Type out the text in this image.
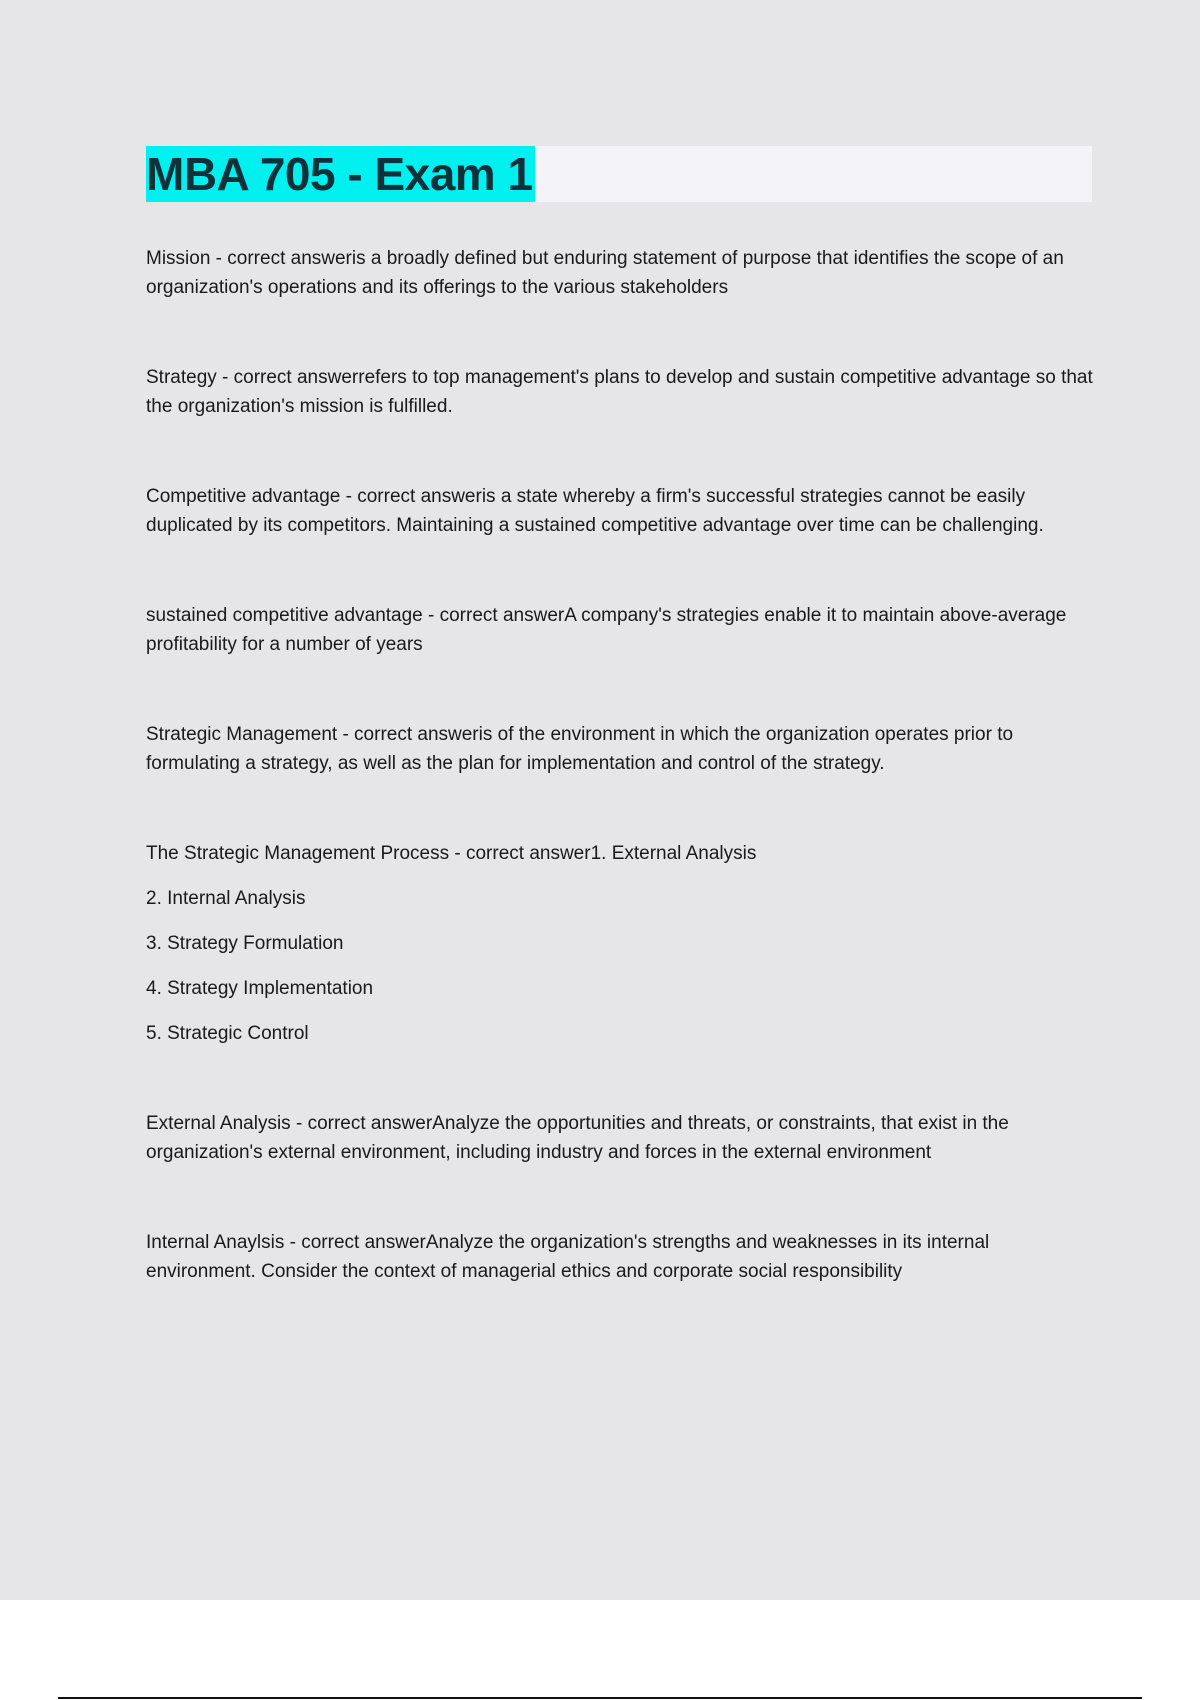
MBA 705 - Exam 1

Mission - correct answeris a broadly defined but enduring statement of purpose that identifies the scope of an organization's operations and its offerings to the various stakeholders

Strategy - correct answerrefers to top management's plans to develop and sustain competitive advantage so that the organization's mission is fulfilled.

Competitive advantage - correct answeris a state whereby a firm's successful strategies cannot be easily duplicated by its competitors. Maintaining a sustained competitive advantage over time can be challenging.

sustained competitive advantage - correct answerA company's strategies enable it to maintain above-average profitability for a number of years

Strategic Management - correct answeris of the environment in which the organization operates prior to formulating a strategy, as well as the plan for implementation and control of the strategy.

The Strategic Management Process - correct answer1. External Analysis

2. Internal Analysis

3. Strategy Formulation

4. Strategy Implementation

5. Strategic Control

External Analysis - correct answerAnalyze the opportunities and threats, or constraints, that exist in the organization's external environment, including industry and forces in the external environment

Internal Anaylsis - correct answerAnalyze the organization's strengths and weaknesses in its internal environment. Consider the context of managerial ethics and corporate social responsibility
